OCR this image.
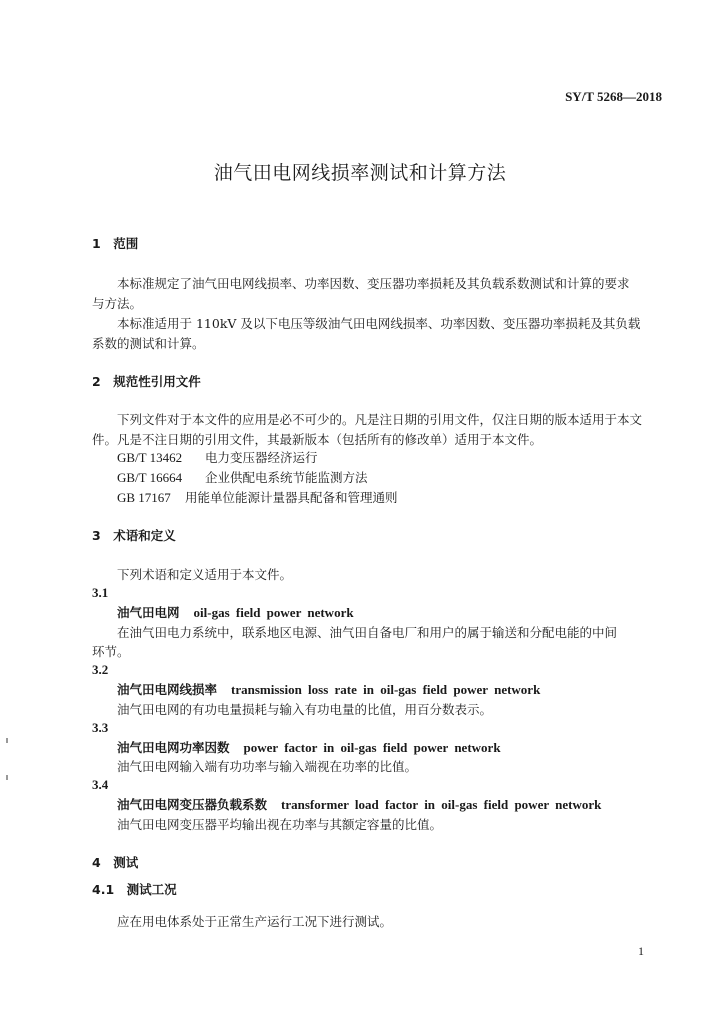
SY/T 5268—2018
油气田电网线损率测试和计算方法
1　范围
本标准规定了油气田电网线损率、功率因数、变压器功率损耗及其负载系数测试和计算的要求
与方法。
本标准适用于 110kV 及以下电压等级油气田电网线损率、功率因数、变压器功率损耗及其负载
系数的测试和计算。
2　规范性引用文件
下列文件对于本文件的应用是必不可少的。凡是注日期的引用文件，仅注日期的版本适用于本文
件。凡是不注日期的引用文件，其最新版本（包括所有的修改单）适用于本文件。
GB/T 13462 电力变压器经济运行
GB/T 16664 企业供配电系统节能监测方法
GB 17167 用能单位能源计量器具配备和管理通则
3　术语和定义
下列术语和定义适用于本文件。
3.1
油气田电网 oil-gas field power network
在油气田电力系统中，联系地区电源、油气田自备电厂和用户的属于输送和分配电能的中间
环节。
3.2
油气田电网线损率 transmission loss rate in oil-gas field power network
油气田电网的有功电量损耗与输入有功电量的比值，用百分数表示。
3.3
油气田电网功率因数 power factor in oil-gas field power network
油气田电网输入端有功功率与输入端视在功率的比值。
3.4
油气田电网变压器负载系数 transformer load factor in oil-gas field power network
油气田电网变压器平均输出视在功率与其额定容量的比值。
4　测试
4.1　测试工况
应在用电体系处于正常生产运行工况下进行测试。
1
